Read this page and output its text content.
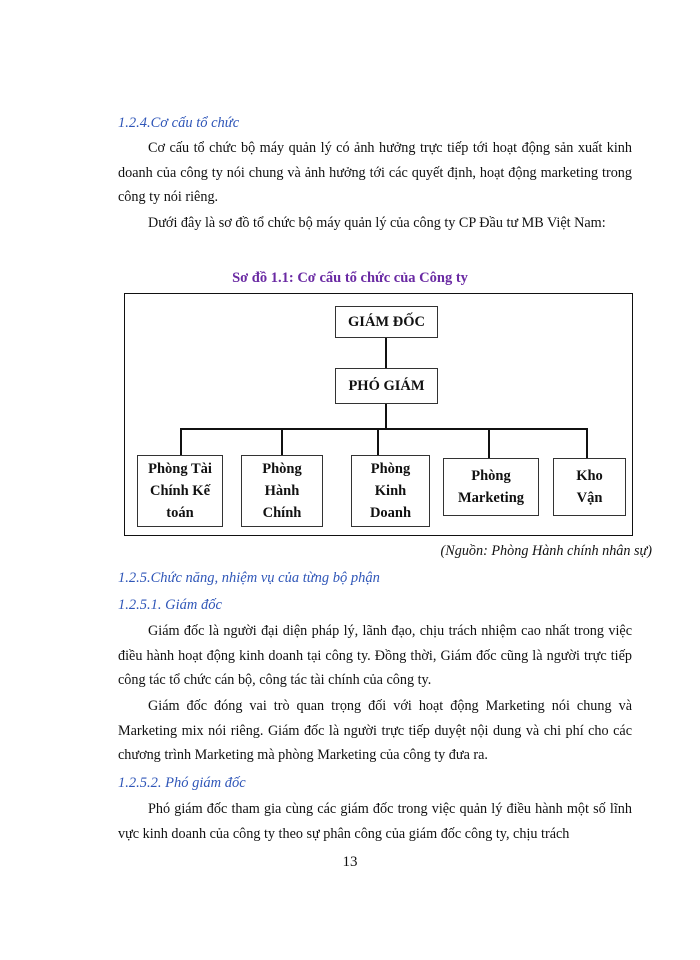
1.2.4.Cơ cấu tổ chức

Cơ cấu tổ chức bộ máy quản lý có ảnh hưởng trực tiếp tới hoạt động sản xuất kinh doanh của công ty nói chung và ảnh hưởng tới các quyết định, hoạt động marketing trong công ty nói riêng.

Dưới đây là sơ đồ tổ chức bộ máy quản lý của công ty CP Đầu tư MB Việt Nam:

Sơ đồ 1.1: Cơ cấu tổ chức của Công ty
GIÁM ĐỐC
PHÓ GIÁM
Phòng Tài Chính Kế toán
Phòng Hành Chính
Phòng Kinh Doanh
Phòng Marketing
Kho Vận
(Nguồn: Phòng Hành chính nhân sự)
1.2.5.Chức năng, nhiệm vụ của từng bộ phận
1.2.5.1. Giám đốc

Giám đốc là người đại diện pháp lý, lãnh đạo, chịu trách nhiệm cao nhất trong việc điều hành hoạt động kinh doanh tại công ty. Đồng thời, Giám đốc cũng là người trực tiếp công tác tổ chức cán bộ, công tác tài chính của công ty.

Giám đốc đóng vai trò quan trọng đối với hoạt động Marketing nói chung và Marketing mix nói riêng. Giám đốc là người trực tiếp duyệt nội dung và chi phí cho các chương trình Marketing mà phòng Marketing của công ty đưa ra.

1.2.5.2. Phó giám đốc

Phó giám đốc tham gia cùng các giám đốc trong việc quản lý điều hành một số lĩnh vực kinh doanh của công ty theo sự phân công của giám đốc công ty, chịu trách

13
